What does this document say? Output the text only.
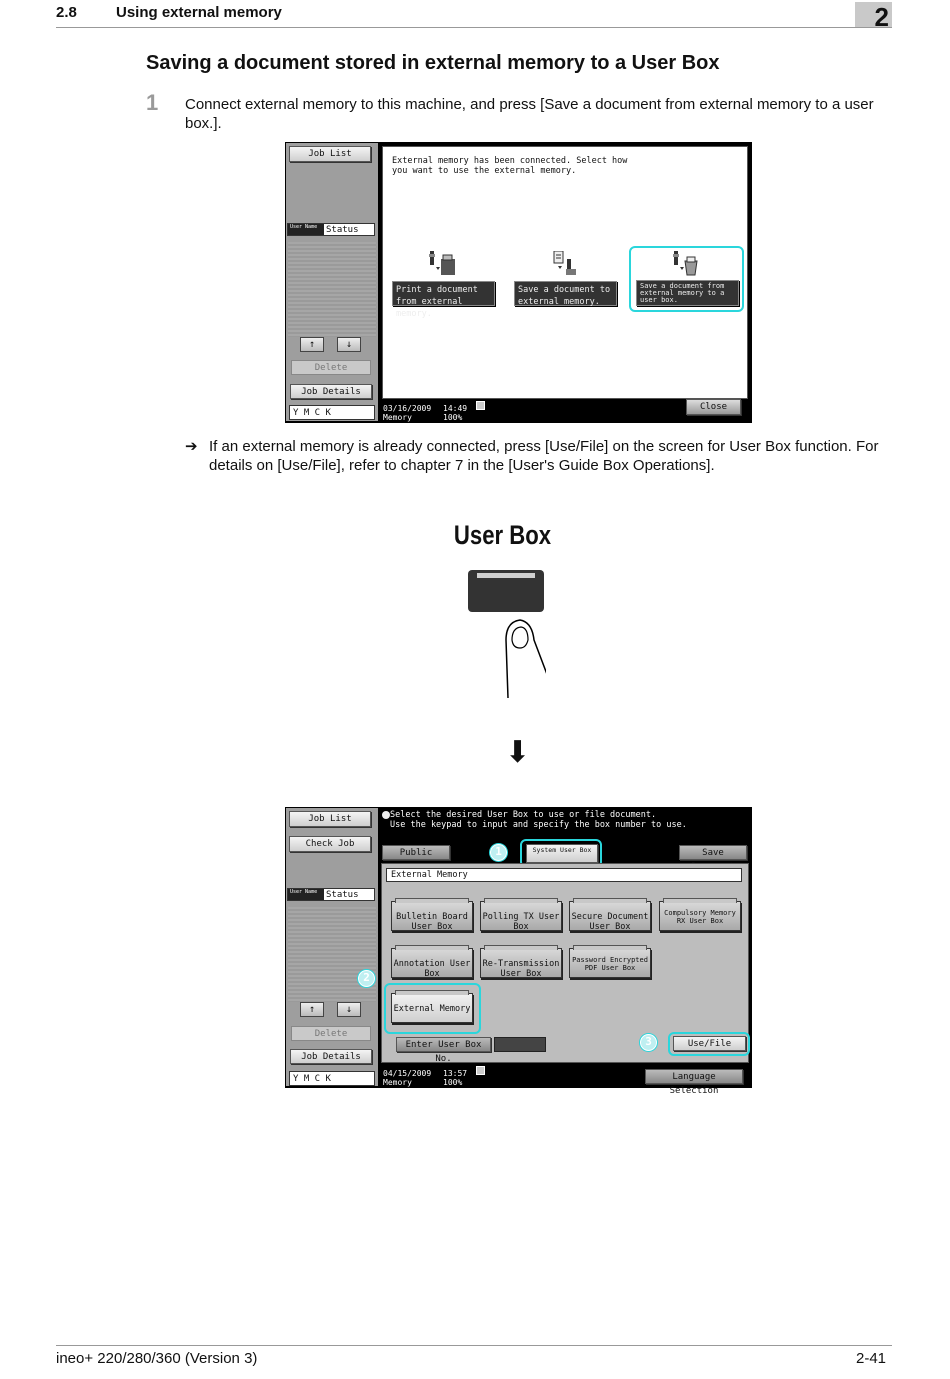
2.8	Using external memory	2
Saving a document stored in external memory to a User Box
1 Connect external memory to this machine, and press [Save a document from external memory to a user box.].
Job List
User Name Status
↑	↓
Delete
Job Details
Y M C K
External memory has been connected. Select how
you want to use the external memory.
Print a document from external memory.
Save a document to external memory.
Save a document from external memory to a user box.
03/16/2009 14:49
Memory	100%
Close
➔ If an external memory is already connected, press [Use/File] on the screen for User Box function. For details on [Use/File], refer to chapter 7 in the [User's Guide Box Operations].
User Box
⬇
Job List
Check Job
User Name Status
↑	↓
Delete
Job Details
Y M C K
Select the desired User Box to use or file document.
Use the keypad to input and specify the box number to use.
Public	System User Box
1	Save
External Memory
Bulletin Board User Box
Polling TX User Box
Secure Document User Box
Compulsory Memory RX User Box
Annotation User Box
Re-Transmission User Box
Password Encrypted PDF User Box
2
External Memory
Enter User Box No.
3	Use/File
04/15/2009 13:57
Memory	100%
Language Selection
ineo+ 220/280/360 (Version 3)	2-41
